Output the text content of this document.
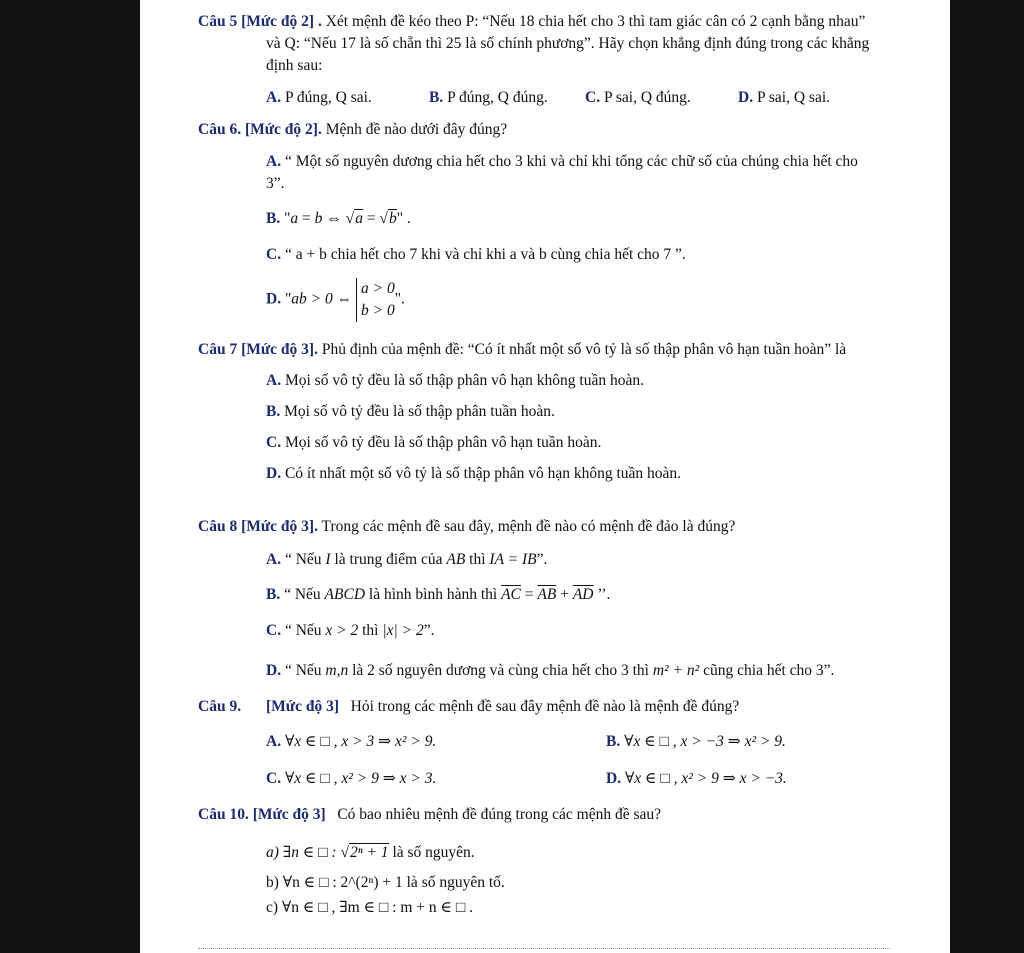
Câu 5 [Mức độ 2] . Xét mệnh đề kéo theo P: “Nếu 18 chia hết cho 3 thì tam giác cân có 2 cạnh bằng nhau”
và Q: “Nếu 17 là số chẵn thì 25 là số chính phương”. Hãy chọn khẳng định đúng trong các khẳng
định sau:
A. P đúng, Q sai.	B. P đúng, Q đúng. C. P sai, Q đúng.	D. P sai, Q sai.
Câu 6. [Mức độ 2]. Mệnh đề nào dưới đây đúng?
A. “ Một số nguyên dương chia hết cho 3 khi và chỉ khi tổng các chữ số của chúng chia hết cho
3”.
B. "a = b ⇔ √a = √b" .
C. “ a + b chia hết cho 7 khi và chỉ khi a và b cùng chia hết cho 7 ”.
D. "ab > 0 ⇔ a > 0
b > 0".
Câu 7 [Mức độ 3]. Phủ định của mệnh đề: “Có ít nhất một số vô tỷ là số thập phân vô hạn tuần hoàn” là
A. Mọi số vô tỷ đều là số thập phân vô hạn không tuần hoàn.
B. Mọi số vô tỷ đều là số thập phân tuần hoàn.
C. Mọi số vô tỷ đều là số thập phân vô hạn tuần hoàn.
D. Có ít nhất một số vô tỷ là số thập phân vô hạn không tuần hoàn.
Câu 8 [Mức độ 3]. Trong các mệnh đề sau đây, mệnh đề nào có mệnh đề đảo là đúng?
A. “ Nếu I là trung điểm của AB thì IA = IB”.
B. “ Nếu ABCD là hình bình hành thì $\overline{AC} = \overline{AB} + \overline{AD}$ ’’.
C. “ Nếu x > 2 thì |x| > 2”.
D. “ Nếu m,n là 2 số nguyên dương và cùng chia hết cho 3 thì m² + n² cũng chia hết cho 3”.
Câu 9. [Mức độ 3] Hỏi trong các mệnh đề sau đây mệnh đề nào là mệnh đề đúng?
A. ∀x ∈ □ , x > 3 ⇒ x² > 9.	B. ∀x ∈ □ , x > −3 ⇒ x² > 9.
C. ∀x ∈ □ , x² > 9 ⇒ x > 3.	D. ∀x ∈ □ , x² > 9 ⇒ x > −3.
Câu 10. [Mức độ 3] Có bao nhiêu mệnh đề đúng trong các mệnh đề sau?
a) ∃n ∈ □ : √2ⁿ + 1 là số nguyên.
b) ∀n ∈ □ : 2^(2ⁿ) + 1 là số nguyên tố.
c) ∀n ∈ □ , ∃m ∈ □ : m + n ∈ □ .
